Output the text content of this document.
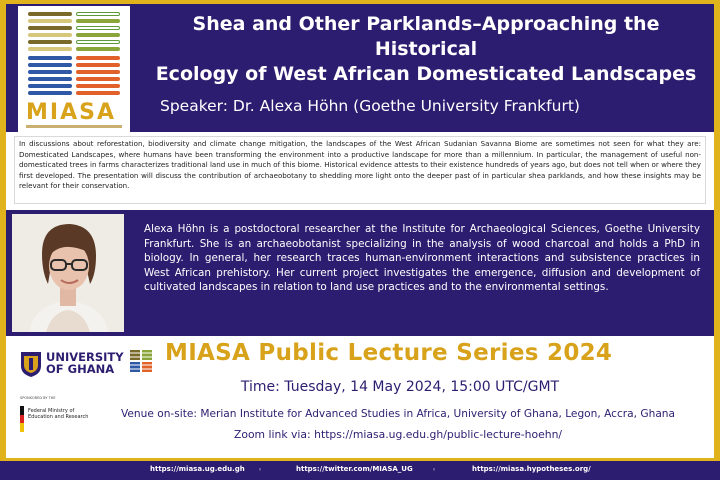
MIASA
Shea and Other Parklands–Approaching the Historical
Ecology of West African Domesticated Landscapes
Speaker: Dr. Alexa Höhn (Goethe University Frankfurt)
In discussions about reforestation, biodiversity and climate change mitigation, the landscapes of the West African Sudanian Savanna Biome are sometimes not seen for what they are: Domesticated Landscapes, where humans have been transforming the environment into a productive landscape for more than a millennium. In particular, the management of useful non-domesticated trees in farms characterizes traditional land use in much of this biome. Historical evidence attests to their existence hundreds of years ago, but does not tell when or where they first developed. The presentation will discuss the contribution of archaeobotany to shedding more light onto the deeper past of in particular shea parklands, and how these insights may be relevant for their conservation.
Alexa Höhn is a postdoctoral researcher at the Institute for Archaeological Sciences, Goethe University Frankfurt. She is an archaeobotanist specializing in the analysis of wood charcoal and holds a PhD in biology. In general, her research traces human-environment interactions and subsistence practices in West African prehistory. Her current project investigates the emergence, diffusion and development of cultivated landscapes in relation to land use practices and to the environmental settings.
UNIVERSITY
OF GHANA
SPONSORED BY THE
Federal Ministry of Education and Research
MIASA Public Lecture Series 2024
Time: Tuesday, 14 May 2024, 15:00 UTC/GMT
Venue on-site: Merian Institute for Advanced Studies in Africa, University of Ghana, Legon, Accra, Ghana
Zoom link via: https://miasa.ug.edu.gh/public-lecture-hoehn/
https://miasa.ug.edu.gh ◦	https://twitter.com/MIASA_UG	◦	https://miasa.hypotheses.org/
